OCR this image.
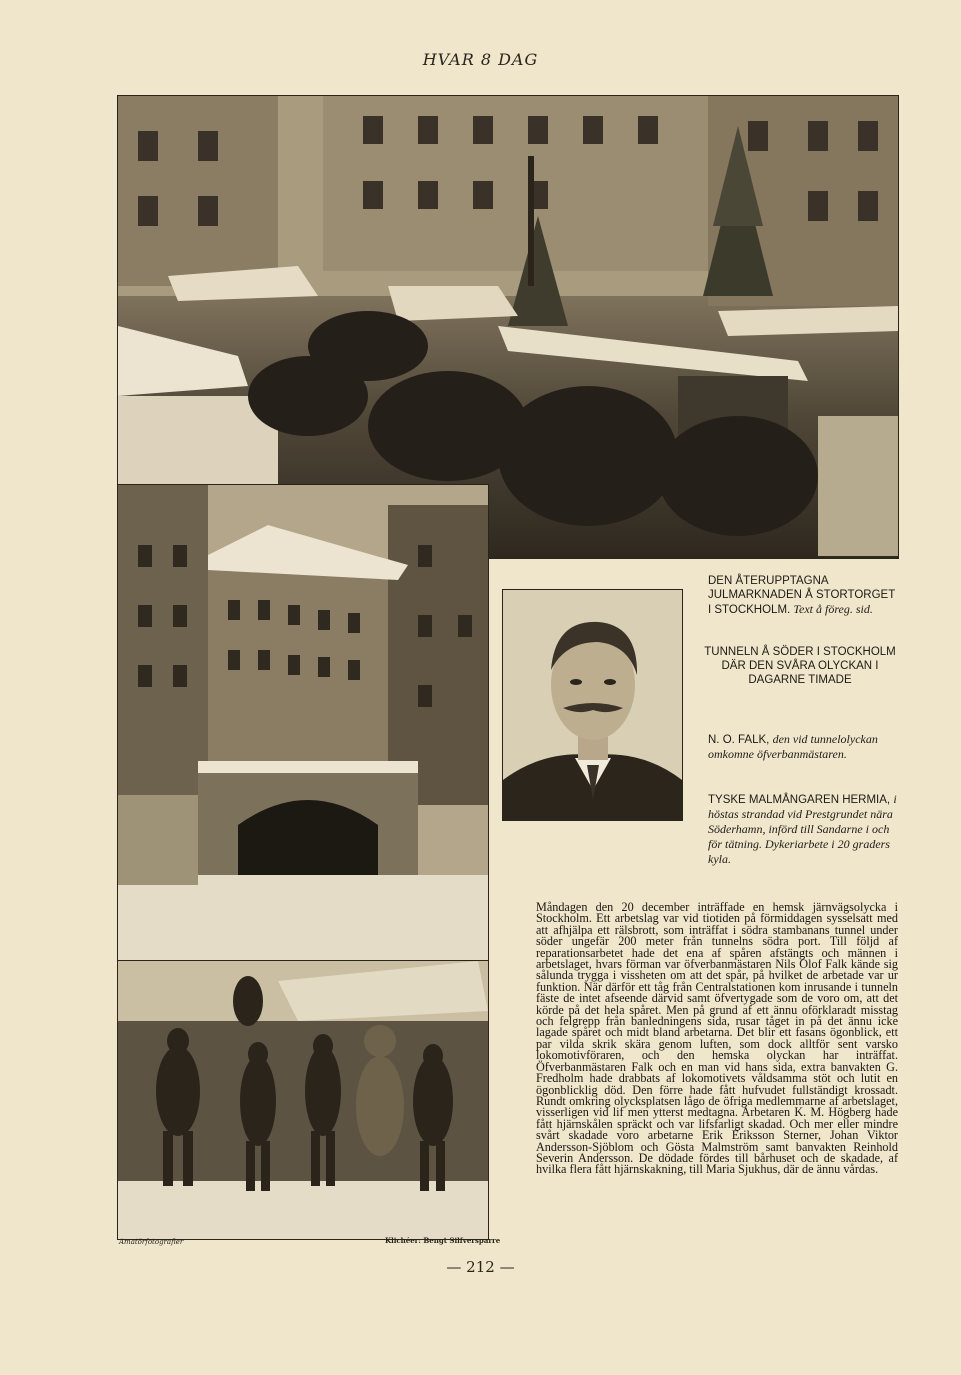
HVAR 8 DAG
DEN ÅTERUPPTAGNA JULMARKNADEN Å STORTORGET I STOCKHOLM. Text å föreg. sid.
TUNNELN Å SÖDER I STOCKHOLM DÄR DEN SVÅRA OLYCKAN I DAGARNE TIMADE
N. O. FALK, den vid tunnelolyckan omkomne öfverbanmästaren.
TYSKE MALMÅNGAREN HERMIA, i höstas strandad vid Prestgrundet nära Söderhamn, införd till Sandarne i och för tätning. Dykeriarbete i 20 graders kyla.
Måndagen den 20 december inträffade en hemsk järnvägsolycka i Stockholm. Ett arbetslag var vid tiotiden på förmiddagen sysselsatt med att afhjälpa ett rälsbrott, som inträffat i södra stambanans tunnel under söder ungefär 200 meter från tunnelns södra port. Till följd af reparationsarbetet hade det ena af spåren afstängts och männen i arbetslaget, hvars förman var öfverbanmästaren Nils Olof Falk kände sig sålunda trygga i vissheten om att det spår, på hvilket de arbetade var ur funktion. När därför ett tåg från Centralstationen kom inrusande i tunneln fäste de intet afseende därvid samt öfvertygade som de voro om, att det körde på det hela spåret. Men på grund af ett ännu oförklaradt misstag och felgrepp från banledningens sida, rusar tåget in på det ännu icke lagade spåret och midt bland arbetarna. Det blir ett fasans ögonblick, ett par vilda skrik skära genom luften, som dock alltför sent varsko lokomotivföraren, och den hemska olyckan har inträffat. Öfverbanmästaren Falk och en man vid hans sida, extra banvakten G. Fredholm hade drabbats af lokomotivets våldsamma stöt och lutit en ögonblicklig död. Den förre hade fått hufvudet fullständigt krossadt. Rundt omkring olycksplatsen lågo de öfriga medlemmarne af arbetslaget, visserligen vid lif men ytterst medtagna. Arbetaren K. M. Högberg hade fått hjärnskålen spräckt och var lifsfarligt skadad. Och mer eller mindre svårt skadade voro arbetarne Erik Eriksson Sterner, Johan Viktor Andersson-Sjöblom och Gösta Malmström samt banvakten Reinhold Severin Andersson. De dödade fördes till bårhuset och de skadade, af hvilka flera fått hjärnskakning, till Maria Sjukhus, där de ännu vårdas.
Amatörfotografier	Klichéer: Bengt Silfversparre
— 212 —
